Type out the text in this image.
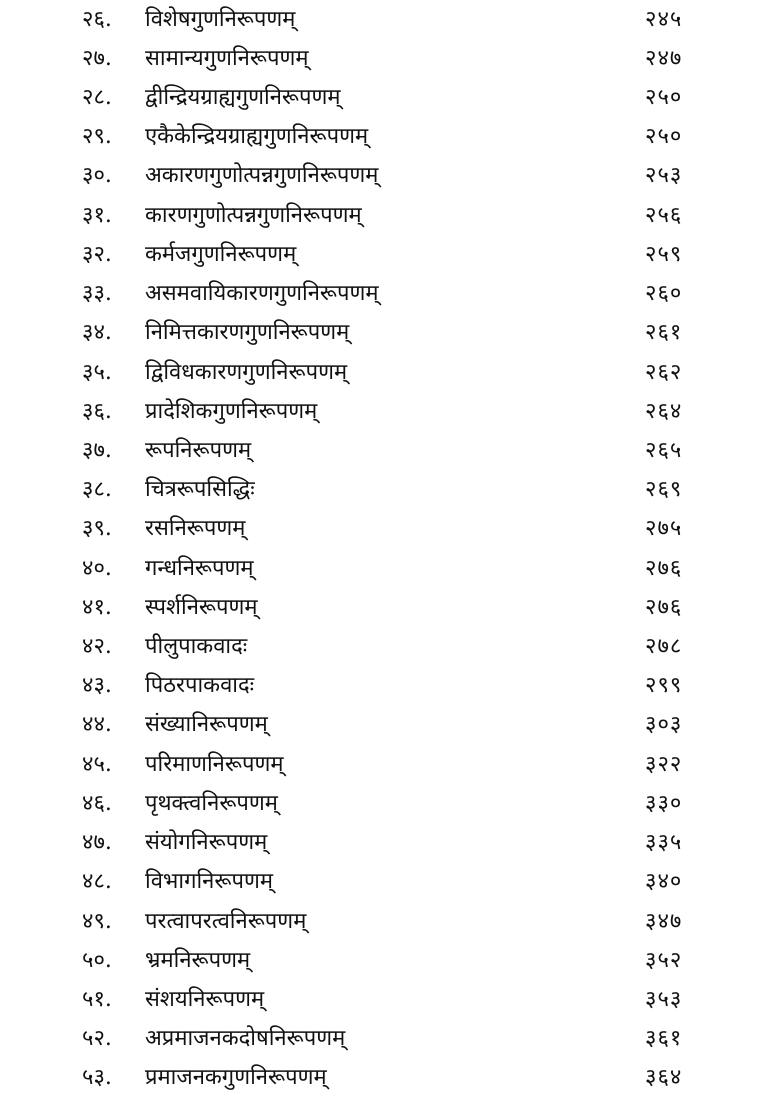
२६.	विशेषगुणनिरूपणम्	२४५
२७.	सामान्यगुणनिरूपणम्	२४७
२८.	द्वीन्द्रियग्राह्यगुणनिरूपणम्	२५०
२९.	एकैकेन्द्रियग्राह्यगुणनिरूपणम्	२५०
३०.	अकारणगुणोत्पन्नगुणनिरूपणम्	२५३
३१.	कारणगुणोत्पन्नगुणनिरूपणम्	२५६
३२.	कर्मजगुणनिरूपणम्	२५९
३३.	असमवायिकारणगुणनिरूपणम्	२६०
३४.	निमित्तकारणगुणनिरूपणम्	२६१
३५.	द्विविधकारणगुणनिरूपणम्	२६२
३६.	प्रादेशिकगुणनिरूपणम्	२६४
३७.	रूपनिरूपणम्	२६५
३८.	चित्ररूपसिद्धिः	२६९
३९.	रसनिरूपणम्	२७५
४०.	गन्धनिरूपणम्	२७६
४१.	स्पर्शनिरूपणम्	२७६
४२.	पीलुपाकवादः	२७८
४३.	पिठरपाकवादः	२९९
४४.	संख्यानिरूपणम्	३०३
४५.	परिमाणनिरूपणम्	३२२
४६.	पृथक्त्वनिरूपणम्	३३०
४७.	संयोगनिरूपणम्	३३५
४८.	विभागनिरूपणम्	३४०
४९.	परत्वापरत्वनिरूपणम्	३४७
५०.	भ्रमनिरूपणम्	३५२
५१.	संशयनिरूपणम्	३५३
५२.	अप्रमाजनकदोषनिरूपणम्	३६१
५३.	प्रमाजनकगुणनिरूपणम्	३६४
